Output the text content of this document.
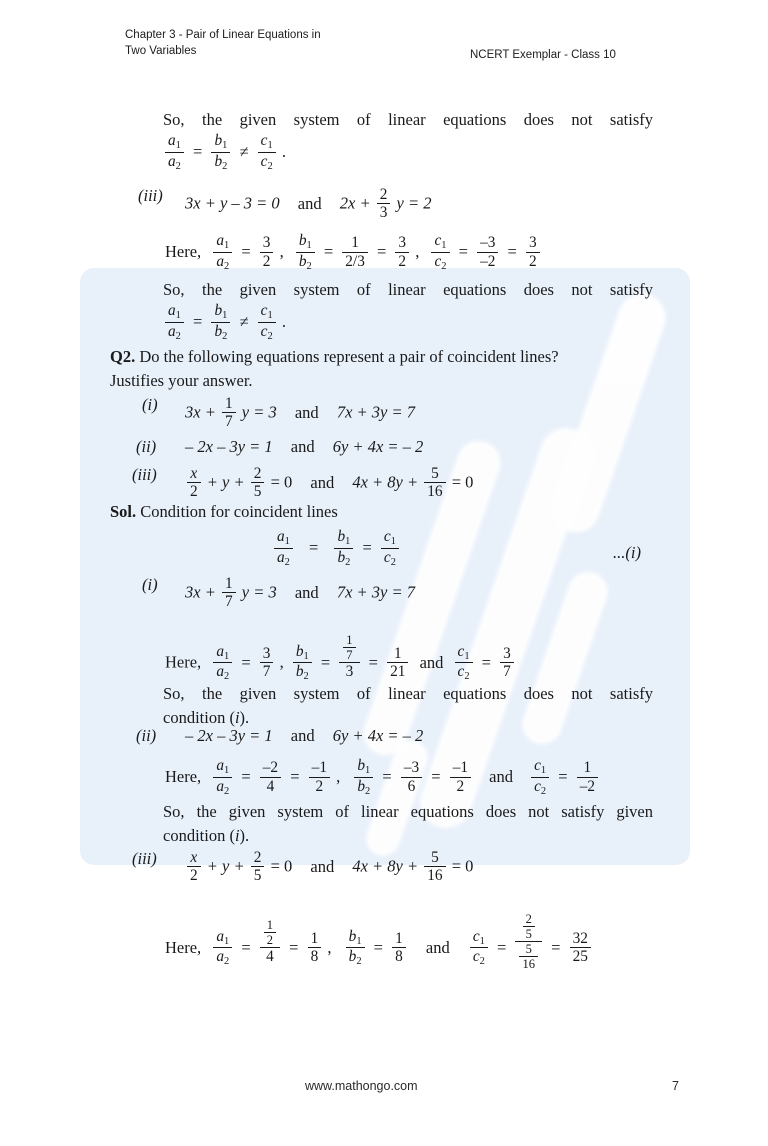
Chapter 3 - Pair of Linear Equations in
Two Variables	NCERT Exemplar - Class 10
So, the given system of linear equations does not satisfy
$\frac{a_1}{a_2} = \frac{b_1}{b_2} \ne \frac{c_1}{c_2}$ .
(iii) 3x + y – 3 = 0 and $2x + \frac{2}{3}$ y = 2
Here, $\frac{a_1}{a_2} = \frac{3}{2}$ , $\frac{b_1}{b_2} = \frac{1}{2/3} = \frac{3}{2}$ , $\frac{c_1}{c_2} = \frac{-3}{-2} = \frac{3}{2}$
So, the given system of linear equations does not satisfy
$\frac{a_1}{a_2} = \frac{b_1}{b_2} \ne \frac{c_1}{c_2}$ .
Q2. Do the following equations represent a pair of coincident lines?
Justifies your answer.
(i) $3x + \frac{1}{7}$ y = 3 and 7x + 3y = 7
(ii) – 2x – 3y = 1 and 6y + 4x = – 2
$(iii) \frac{x}{2} + y + \frac{2}{5} = 0$ and $4x + 8y + \frac{5}{16} = 0$
Sol. Condition for coincident lines
$\frac{a_1}{a_2} = \frac{b_1}{b_2} = \frac{c_1}{c_2}$	...(i)
(i) $3x + \frac{1}{7}$ y = 3 and 7x + 3y = 7
Here, $\frac{a_1}{a_2} = \frac{3}{7}$ , $\frac{b_1}{b_2} = \frac{\frac{1}{7}}{3} = \frac{1}{21}$ and $\frac{c_1}{c_2} = \frac{3}{7}$
So, the given system of linear equations does not satisfy
condition (i).
(ii) – 2x – 3y = 1 and 6y + 4x = – 2
Here, $\frac{a_1}{a_2} = \frac{-2}{4} = \frac{-1}{2}$ , $\frac{b_1}{b_2} = \frac{-3}{6} = \frac{-1}{2}$ and $\frac{c_1}{c_2} = \frac{1}{-2}$
So, the given system of linear equations does not satisfy given
condition (i).
$(iii) \frac{x}{2} + y + \frac{2}{5} = 0$ and $4x + 8y + \frac{5}{16} = 0$
Here, $\frac{a_1}{a_2} = \frac{\frac{1}{2}}{4} = \frac{1}{8}$ , $\frac{b_1}{b_2} = \frac{1}{8}$ and $\frac{c_1}{c_2} = \frac{\frac{2}{5}}{\frac{5}{16}} = \frac{32}{25}$
www.mathongo.com	7
